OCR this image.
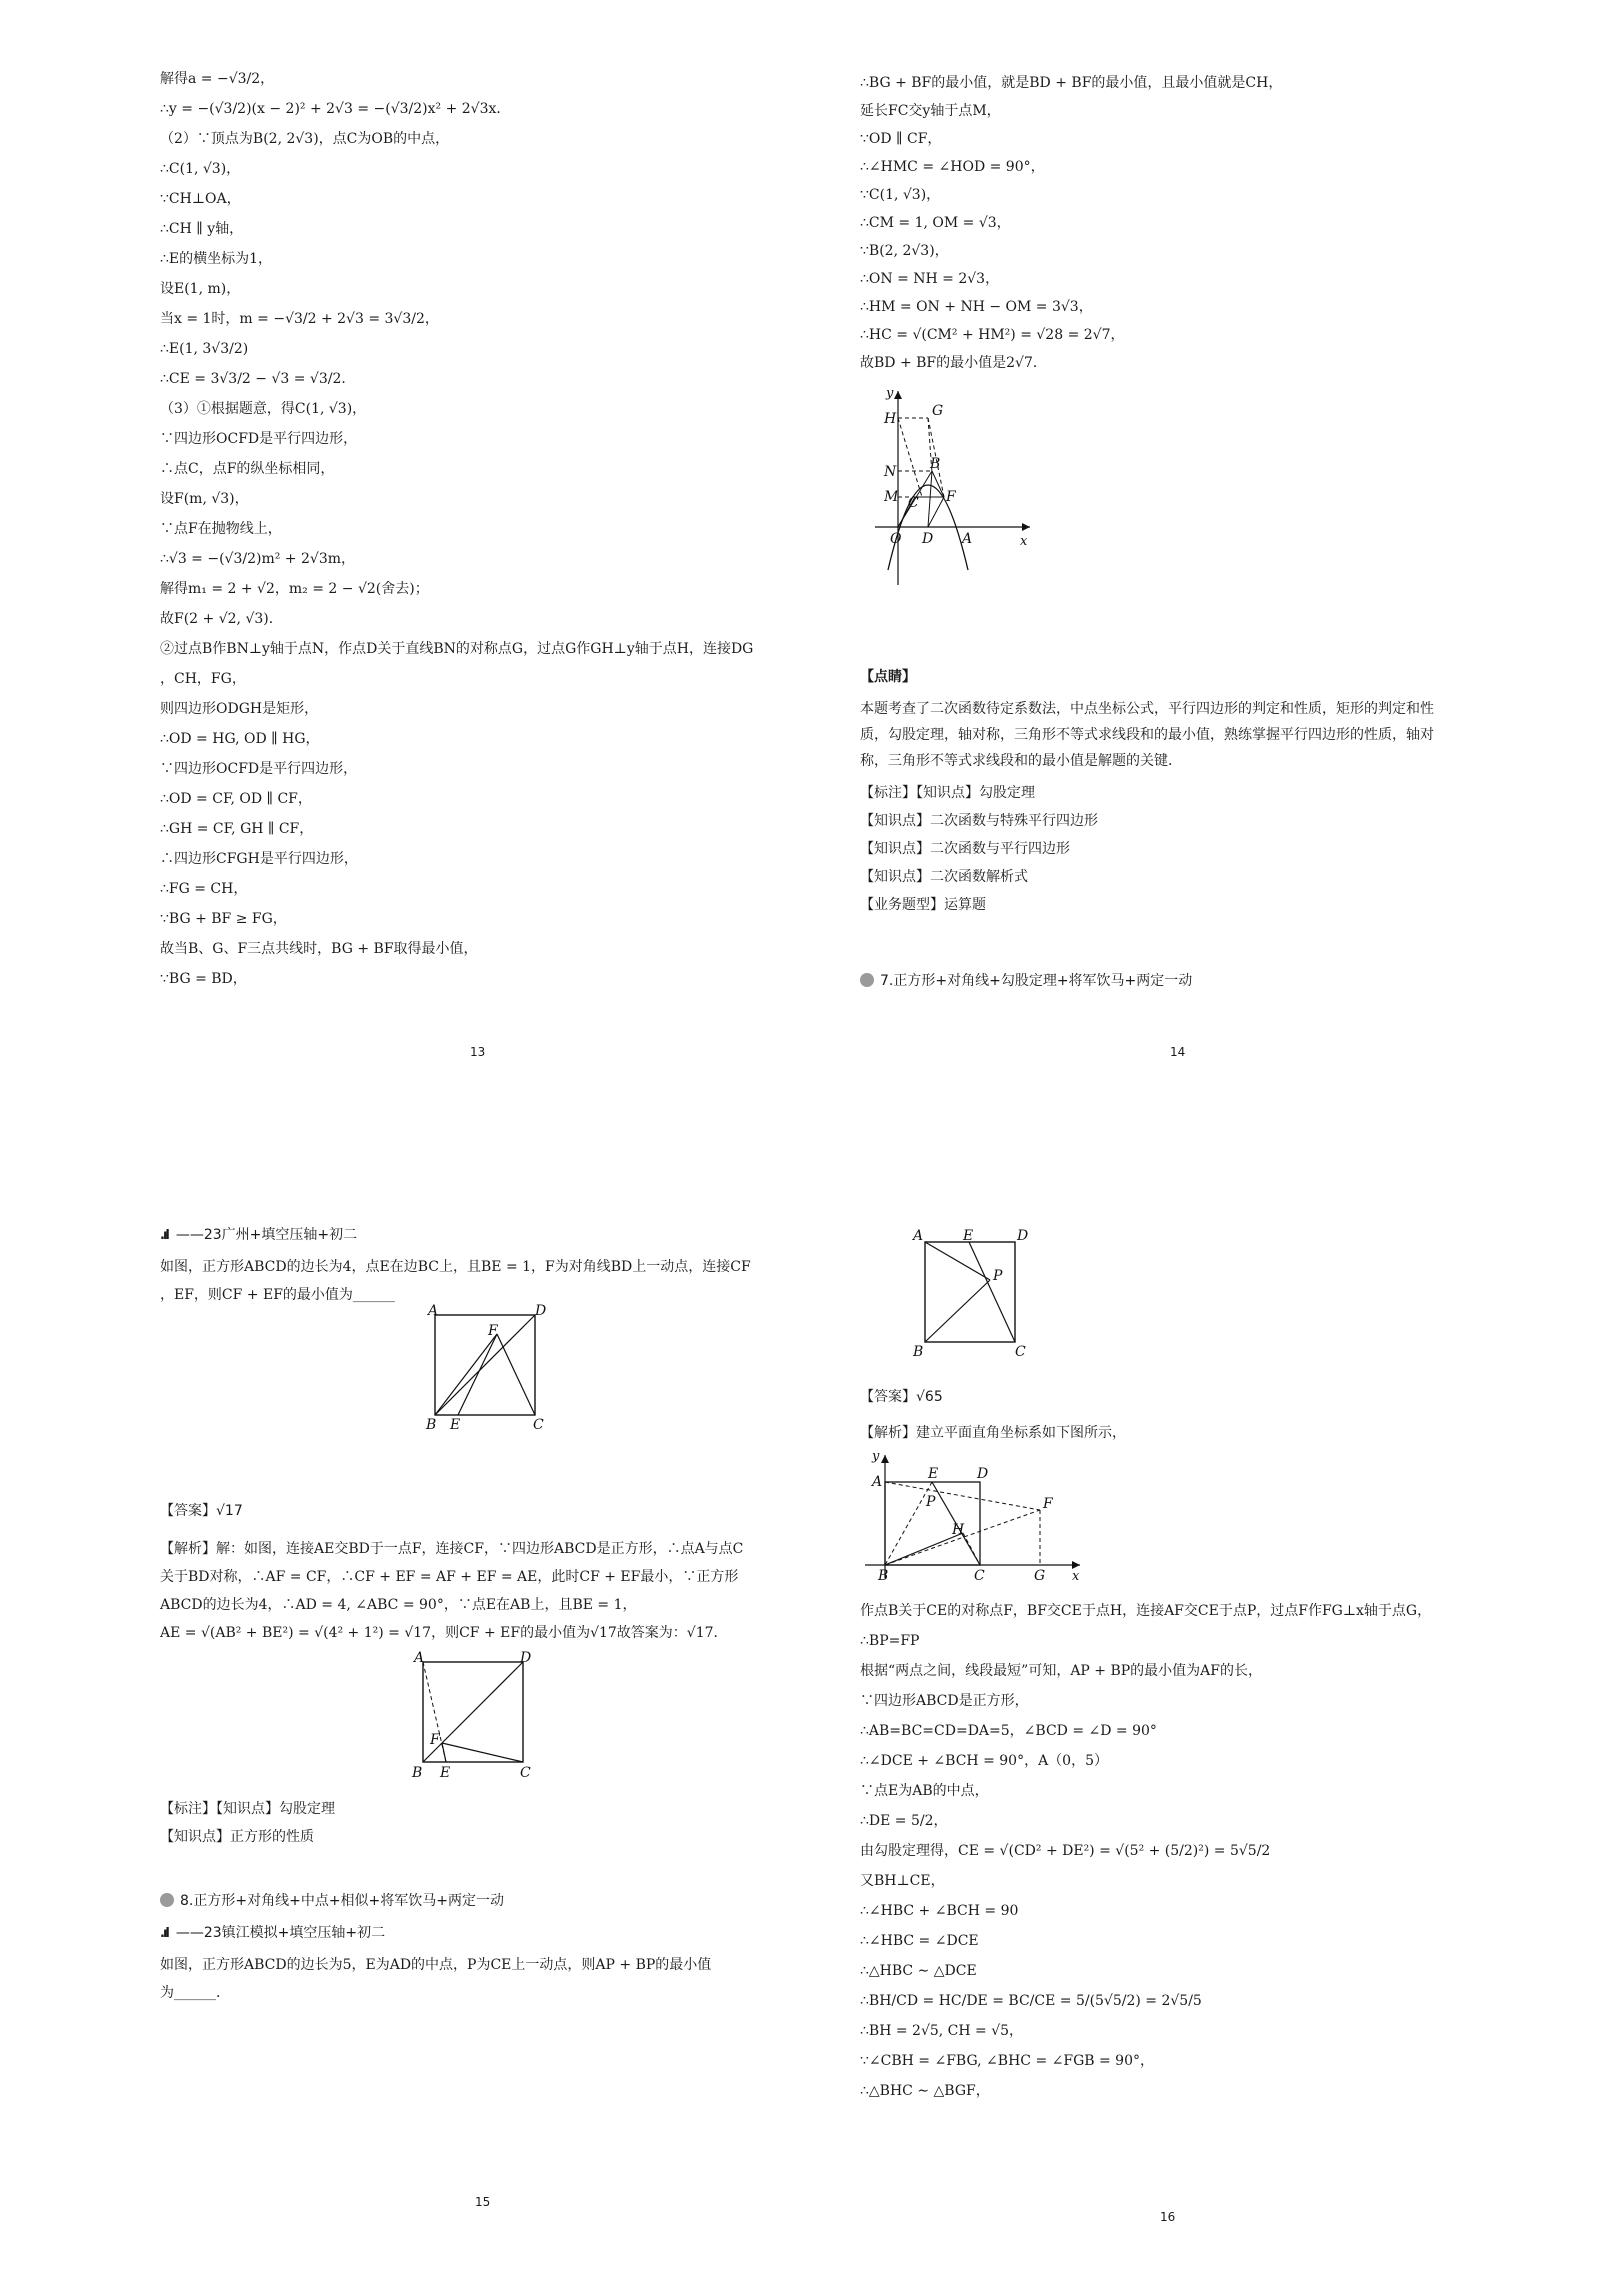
解得a = −√3/2，
∴y = −(√3/2)(x − 2)² + 2√3 = −(√3/2)x² + 2√3x．
（2）∵顶点为B(2, 2√3)，点C为OB的中点，
∴C(1, √3)，
∵CH⊥OA，
∴CH ∥ y轴，
∴E的横坐标为1，
设E(1, m)，
当x = 1时，m = −√3/2 + 2√3 = 3√3/2，
∴E(1, 3√3/2)
∴CE = 3√3/2 − √3 = √3/2．
（3）①根据题意，得C(1, √3)，
∵四边形OCFD是平行四边形，
∴点C，点F的纵坐标相同，
设F(m, √3)，
∵点F在抛物线上，
∴√3 = −(√3/2)m² + 2√3m，
解得m₁ = 2 + √2，m₂ = 2 − √2(舍去)；
故F(2 + √2, √3)．
②过点B作BN⊥y轴于点N，作点D关于直线BN的对称点G，过点G作GH⊥y轴于点H，连接DG
，CH，FG，
则四边形ODGH是矩形，
∴OD = HG, OD ∥ HG，
∵四边形OCFD是平行四边形，
∴OD = CF, OD ∥ CF，
∴GH = CF, GH ∥ CF，
∴四边形CFGH是平行四边形，
∴FG = CH，
∵BG + BF ≥ FG，
故当B、G、F三点共线时，BG + BF取得最小值，
∵BG = BD，
13
∴BG + BF的最小值，就是BD + BF的最小值，且最小值就是CH，
延长FC交y轴于点M，
∵OD ∥ CF，
∴∠HMC = ∠HOD = 90°，
∵C(1, √3)，
∴CM = 1, OM = √3，
∵B(2, 2√3)，
∴ON = NH = 2√3，
∴HM = ON + NH − OM = 3√3，
∴HC = √(CM² + HM²) = √28 = 2√7，
故BD + BF的最小值是2√7．
y
x
H	G
N B
M C F
O D A
【点睛】
本题考查了二次函数待定系数法，中点坐标公式，平行四边形的判定和性质，矩形的判定和性
质，勾股定理，轴对称，三角形不等式求线段和的最小值，熟练掌握平行四边形的性质，轴对
称，三角形不等式求线段和的最小值是解题的关键．
【标注】【知识点】勾股定理
【知识点】二次函数与特殊平行四边形
【知识点】二次函数与平行四边形
【知识点】二次函数解析式
【业务题型】运算题
7.正方形+对角线+勾股定理+将军饮马+两定一动
14
.ıl ——23广州+填空压轴+初二
如图，正方形ABCD的边长为4，点E在边BC上，且BE = 1，F为对角线BD上一动点，连接CF
，EF，则CF + EF的最小值为______
A	D
F
B E	C
【答案】√17
【解析】解：如图，连接AE交BD于一点F，连接CF，∵四边形ABCD是正方形，∴点A与点C
关于BD对称，∴AF = CF，∴CF + EF = AF + EF = AE，此时CF + EF最小，∵正方形
ABCD的边长为4，∴AD = 4, ∠ABC = 90°，∵点E在AB上，且BE = 1，
AE = √(AB² + BE²) = √(4² + 1²) = √17，则CF + EF的最小值为√17故答案为：√17．
A	D
F
B E	C
【标注】【知识点】勾股定理
【知识点】正方形的性质
8.正方形+对角线+中点+相似+将军饮马+两定一动
.ıl ——23镇江模拟+填空压轴+初二
如图，正方形ABCD的边长为5，E为AD的中点，P为CE上一动点，则AP + BP的最小值
为______．
15
A	E	D
P
B	C
【答案】√65
【解析】建立平面直角坐标系如下图所示，
y
A	E	D
F
P
H
B	C	G x
作点B关于CE的对称点F，BF交CE于点H，连接AF交CE于点P，过点F作FG⊥x轴于点G，
∴BP=FP
根据“两点之间，线段最短”可知，AP + BP的最小值为AF的长，
∵四边形ABCD是正方形，
∴AB=BC=CD=DA=5，∠BCD = ∠D = 90°
∴∠DCE + ∠BCH = 90°，A（0，5）
∵点E为AB的中点，
∴DE = 5/2，
由勾股定理得，CE = √(CD² + DE²) = √(5² + (5/2)²) = 5√5/2
又BH⊥CE，
∴∠HBC + ∠BCH = 90
∴∠HBC = ∠DCE
∴△HBC ∼ △DCE
∴BH/CD = HC/DE = BC/CE = 5/(5√5/2) = 2√5/5
∴BH = 2√5, CH = √5，
∵∠CBH = ∠FBG, ∠BHC = ∠FGB = 90°，
∴△BHC ∼ △BGF，
16
